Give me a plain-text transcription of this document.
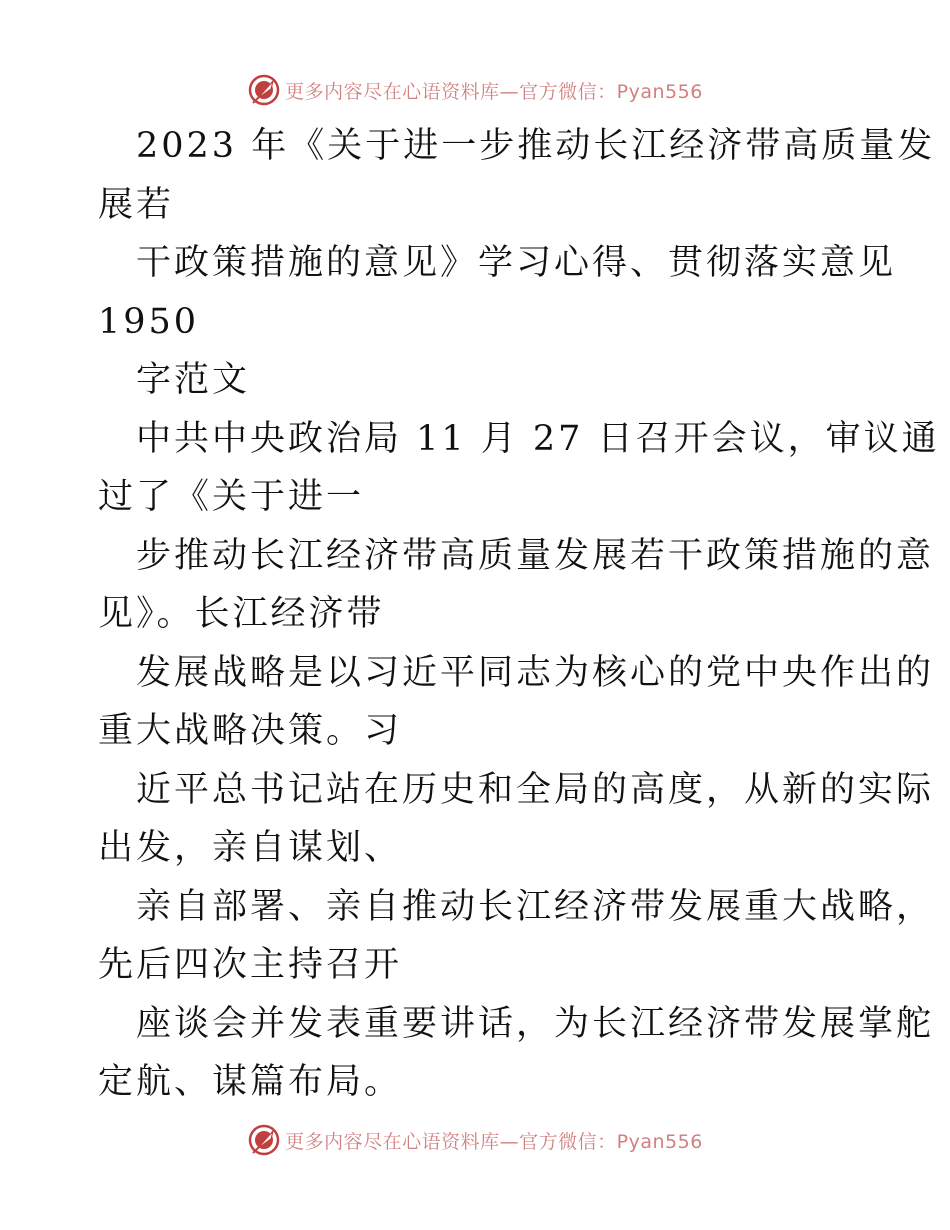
更多内容尽在心语资料库—官方微信：Pyan556
2023 年《关于进一步推动长江经济带高质量发
展若
干政策措施的意见》学习心得、贯彻落实意见
1950
字范文
中共中央政治局 11 月 27 日召开会议，审议通
过了《关于进一
步推动长江经济带高质量发展若干政策措施的意
见》。长江经济带
发展战略是以习近平同志为核心的党中央作出的
重大战略决策。习
近平总书记站在历史和全局的高度，从新的实际
出发，亲自谋划、
亲自部署、亲自推动长江经济带发展重大战略，
先后四次主持召开
座谈会并发表重要讲话，为长江经济带发展掌舵
定航、谋篇布局。
更多内容尽在心语资料库—官方微信：Pyan556
